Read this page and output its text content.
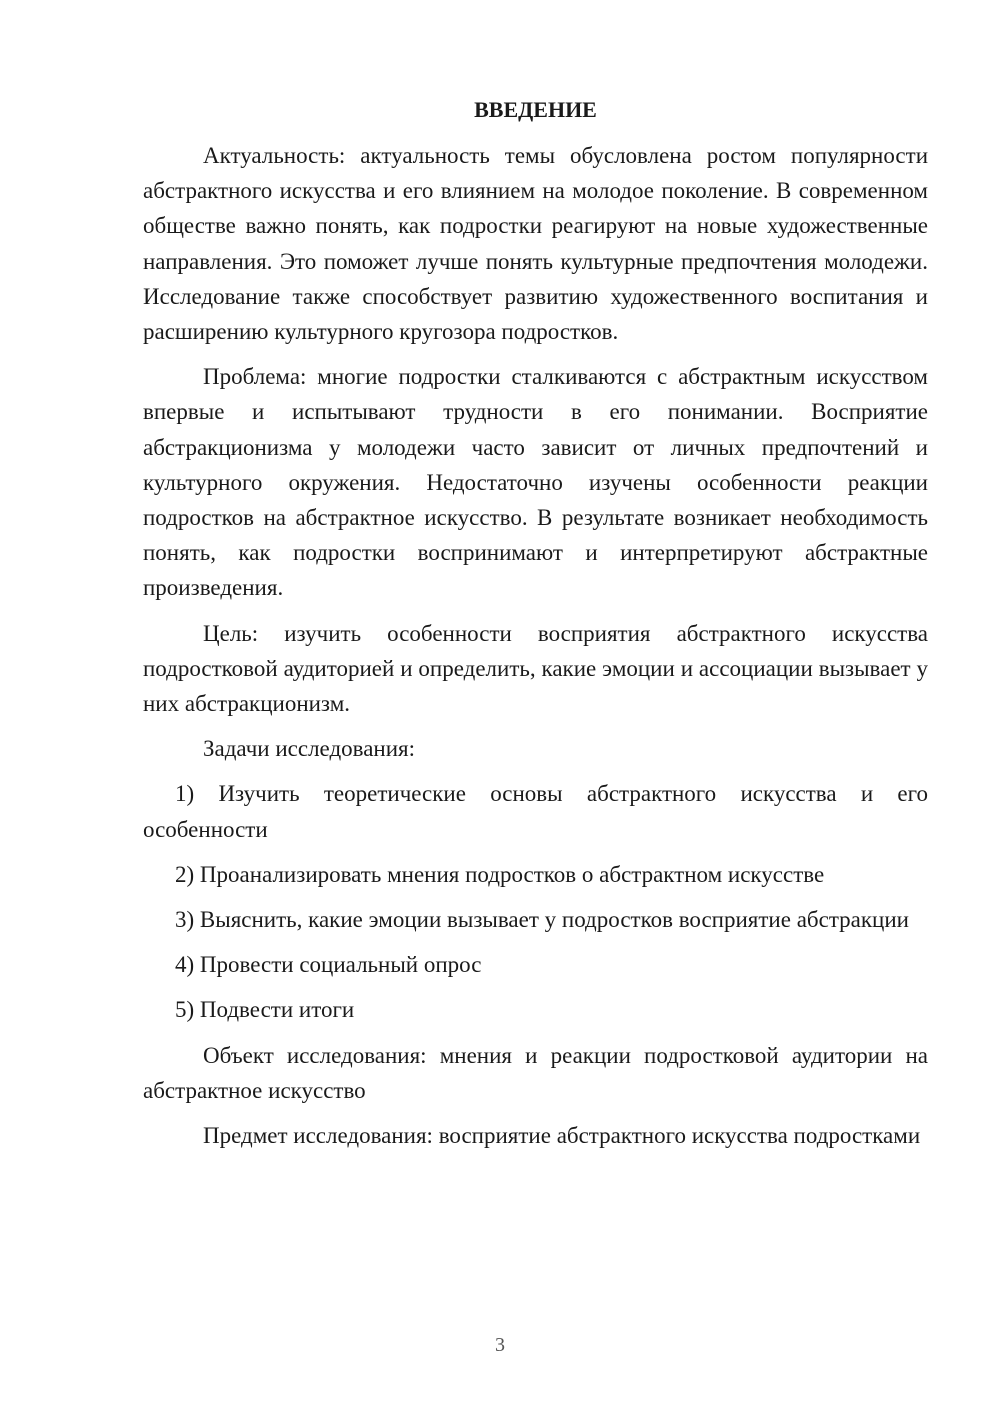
ВВЕДЕНИЕ

Актуальность: актуальность темы обусловлена ростом популярности абстрактного искусства и его влиянием на молодое поколение. В современном обществе важно понять, как подростки реагируют на новые художественные направления. Это поможет лучше понять культурные предпочтения молодежи. Исследование также способствует развитию художественного воспитания и расширению культурного кругозора подростков.

Проблема: многие подростки сталкиваются с абстрактным искусством впервые и испытывают трудности в его понимании. Восприятие абстракционизма у молодежи часто зависит от личных предпочтений и культурного окружения. Недостаточно изучены особенности реакции подростков на абстрактное искусство. В результате возникает необходимость понять, как подростки воспринимают и интерпретируют абстрактные произведения.

Цель: изучить особенности восприятия абстрактного искусства подростковой аудиторией и определить, какие эмоции и ассоциации вызывает у них абстракционизм.

Задачи исследования:

1) Изучить теоретические основы абстрактного искусства и его особенности

2) Проанализировать мнения подростков о абстрактном искусстве

3) Выяснить, какие эмоции вызывает у подростков восприятие абстракции

4) Провести социальный опрос

5) Подвести итоги

Объект исследования: мнения и реакции подростковой аудитории на абстрактное искусство

Предмет исследования: восприятие абстрактного искусства подростками

3
